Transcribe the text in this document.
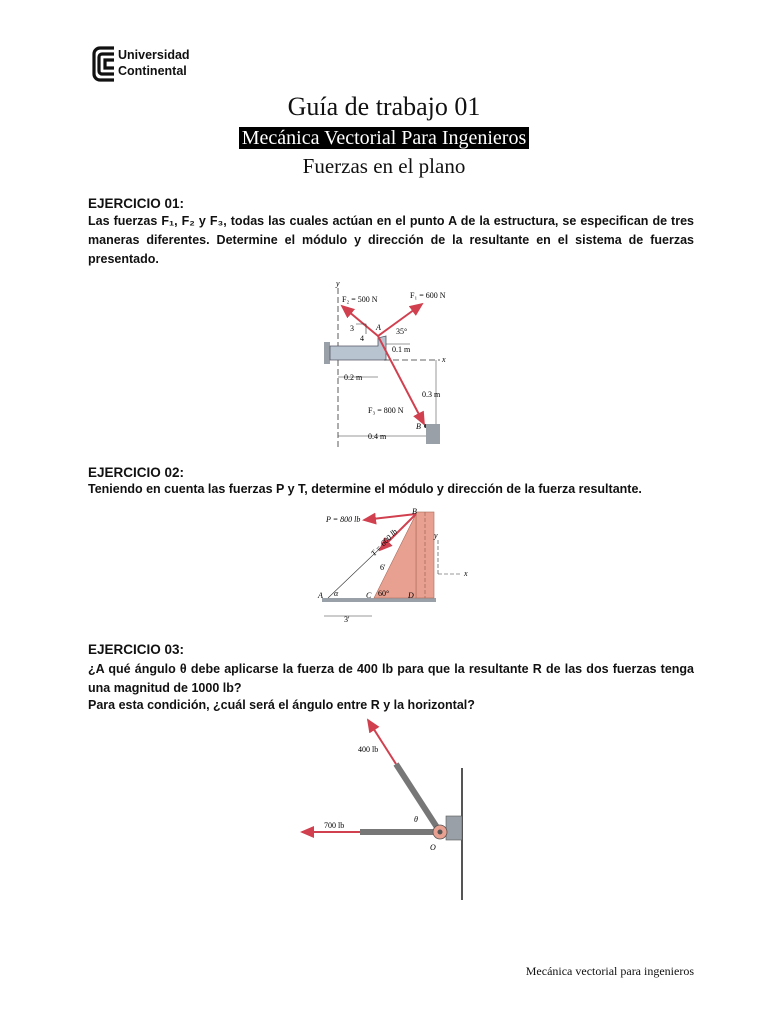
Universidad
Continental
Guía de trabajo 01
Mecánica Vectorial Para Ingenieros
Fuerzas en el plano
EJERCICIO 01:
Las fuerzas F₁, F₂ y F₃, todas las cuales actúan en el punto A de la estructura, se especifican de tres maneras diferentes. Determine el módulo y dirección de la resultante en el sistema de fuerzas presentado.
y
x
F₂ = 500 N	F₁ = 600 N
F₃ = 800 N
3
4
A 35°
0.1 m
0.2 m
0.3 m
0.4 m
B
EJERCICIO 02:
Teniendo en cuenta las fuerzas P y T, determine el módulo y dirección de la fuerza resultante.
P = 800 lb
T = 600 lb
B
y
x
6'
A α	C 60° D
3'
EJERCICIO 03:
¿A qué ángulo θ debe aplicarse la fuerza de 400 lb para que la resultante R de las dos fuerzas tenga una magnitud de 1000 lb?
Para esta condición, ¿cuál será el ángulo entre R y la horizontal?
400 lb
700 lb
θ
O
Mecánica vectorial para ingenieros
